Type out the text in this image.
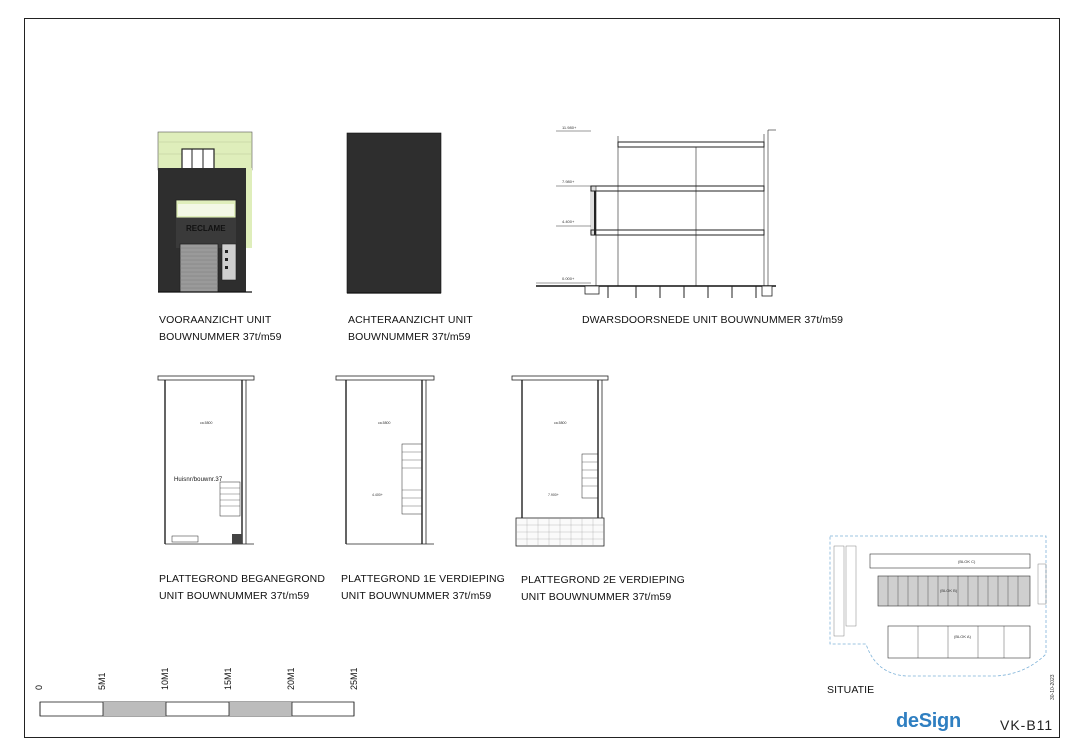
RECLAME
11.980+
7.980+
4.400+
0.000+
ca.5800
Huisnr/bouwnr.37
ca.5800
4.400+
ca.5800
7.900+
(BLOK C)
(BLOK B)
(BLOK A)
VOORAANZICHT UNIT
BOUWNUMMER 37t/m59
ACHTERAANZICHT UNIT
BOUWNUMMER 37t/m59
DWARSDOORSNEDE UNIT BOUWNUMMER 37t/m59
PLATTEGROND BEGANEGROND
UNIT BOUWNUMMER 37t/m59
PLATTEGROND 1E VERDIEPING
UNIT BOUWNUMMER 37t/m59
PLATTEGROND 2E VERDIEPING
UNIT BOUWNUMMER 37t/m59
SITUATIE
0	5M1	10M1	15M1	20M1	25M1
deSign	VK-B11
30-10-2023
